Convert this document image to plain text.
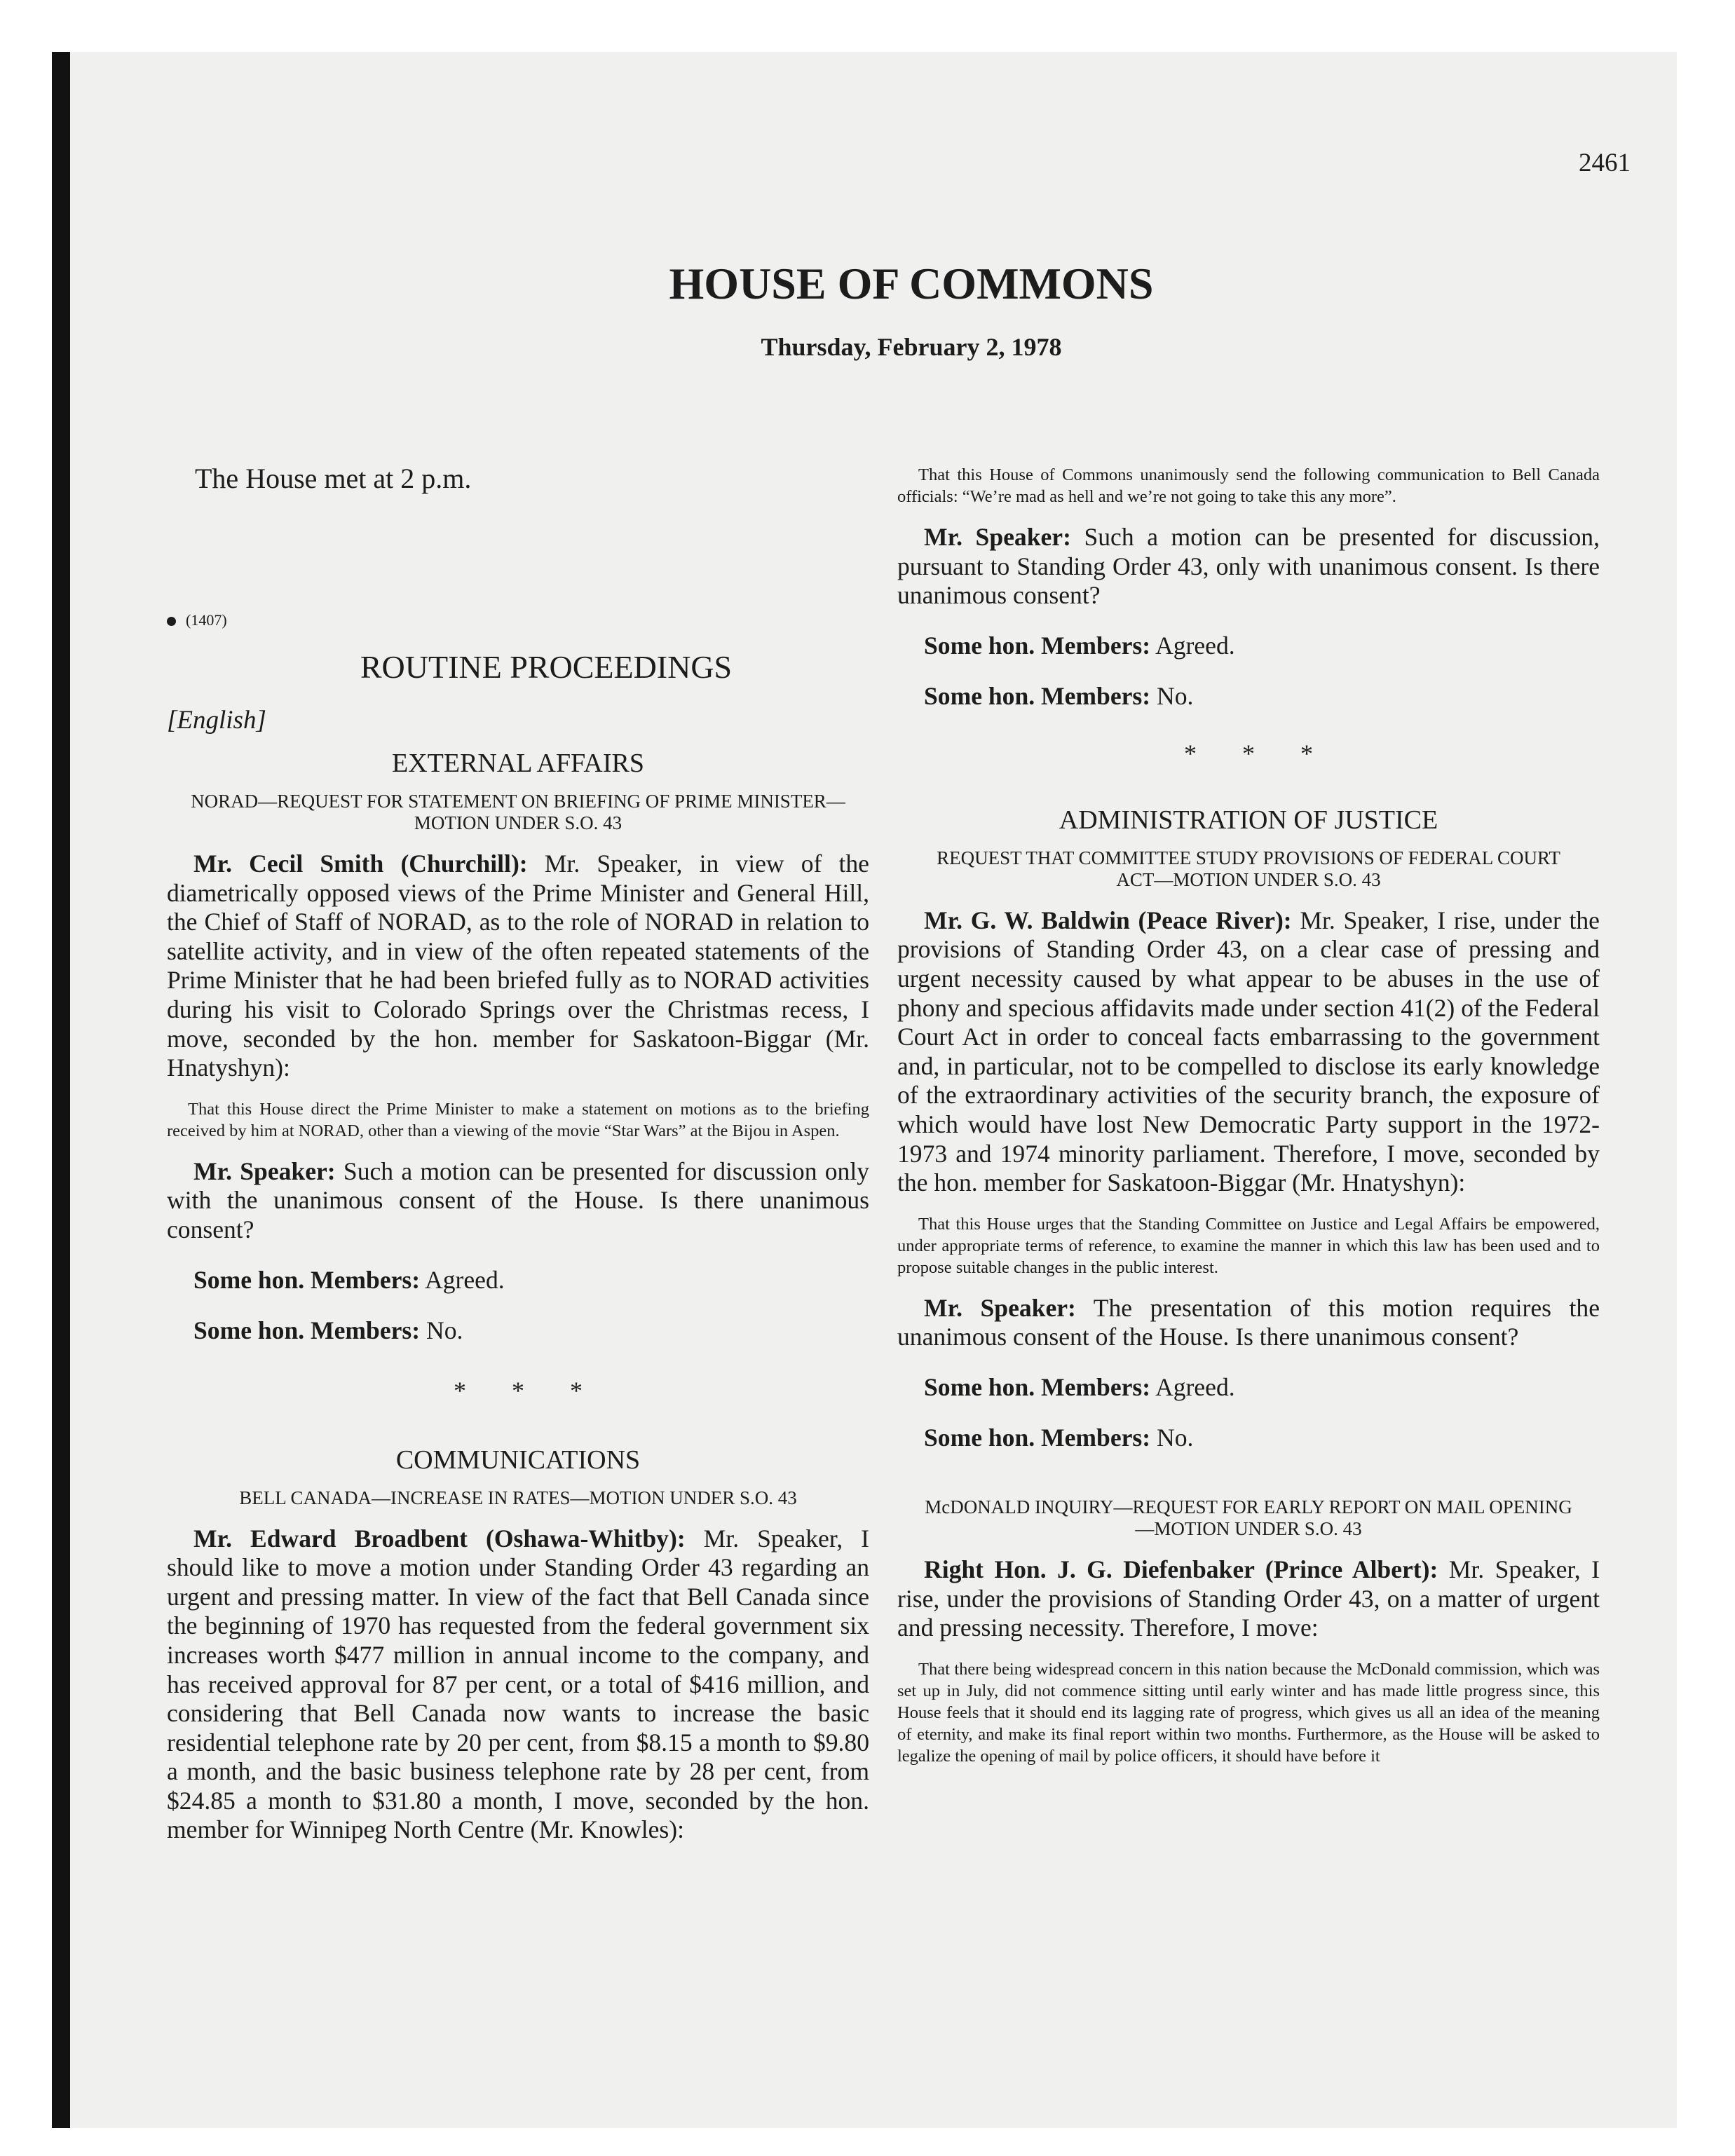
2461
HOUSE OF COMMONS
Thursday, February 2, 1978

The House met at 2 p.m.

(1407)

ROUTINE PROCEEDINGS
[English]
EXTERNAL AFFAIRS
NORAD—REQUEST FOR STATEMENT ON BRIEFING OF PRIME MINISTER—MOTION UNDER S.O. 43

Mr. Cecil Smith (Churchill): Mr. Speaker, in view of the diametrically opposed views of the Prime Minister and General Hill, the Chief of Staff of NORAD, as to the role of NORAD in relation to satellite activity, and in view of the often repeated statements of the Prime Minister that he had been briefed fully as to NORAD activities during his visit to Colorado Springs over the Christmas recess, I move, seconded by the hon. member for Saskatoon-Biggar (Mr. Hnatyshyn):

That this House direct the Prime Minister to make a statement on motions as to the briefing received by him at NORAD, other than a viewing of the movie “Star Wars” at the Bijou in Aspen.

Mr. Speaker: Such a motion can be presented for discussion only with the unanimous consent of the House. Is there unanimous consent?

Some hon. Members: Agreed.

Some hon. Members: No.

* * *
COMMUNICATIONS
BELL CANADA—INCREASE IN RATES—MOTION UNDER S.O. 43

Mr. Edward Broadbent (Oshawa-Whitby): Mr. Speaker, I should like to move a motion under Standing Order 43 regarding an urgent and pressing matter. In view of the fact that Bell Canada since the beginning of 1970 has requested from the federal government six increases worth $477 million in annual income to the company, and has received approval for 87 per cent, or a total of $416 million, and considering that Bell Canada now wants to increase the basic residential telephone rate by 20 per cent, from $8.15 a month to $9.80 a month, and the basic business telephone rate by 28 per cent, from $24.85 a month to $31.80 a month, I move, seconded by the hon. member for Winnipeg North Centre (Mr. Knowles):

That this House of Commons unanimously send the following communication to Bell Canada officials: “We’re mad as hell and we’re not going to take this any more”.

Mr. Speaker: Such a motion can be presented for discussion, pursuant to Standing Order 43, only with unanimous consent. Is there unanimous consent?

Some hon. Members: Agreed.

Some hon. Members: No.

* * *
ADMINISTRATION OF JUSTICE
REQUEST THAT COMMITTEE STUDY PROVISIONS OF FEDERAL COURT ACT—MOTION UNDER S.O. 43

Mr. G. W. Baldwin (Peace River): Mr. Speaker, I rise, under the provisions of Standing Order 43, on a clear case of pressing and urgent necessity caused by what appear to be abuses in the use of phony and specious affidavits made under section 41(2) of the Federal Court Act in order to conceal facts embarrassing to the government and, in particular, not to be compelled to disclose its early knowledge of the extraordinary activities of the security branch, the exposure of which would have lost New Democratic Party support in the 1972-1973 and 1974 minority parliament. Therefore, I move, seconded by the hon. member for Saskatoon-Biggar (Mr. Hnatyshyn):

That this House urges that the Standing Committee on Justice and Legal Affairs be empowered, under appropriate terms of reference, to examine the manner in which this law has been used and to propose suitable changes in the public interest.

Mr. Speaker: The presentation of this motion requires the unanimous consent of the House. Is there unanimous consent?

Some hon. Members: Agreed.

Some hon. Members: No.

McDONALD INQUIRY—REQUEST FOR EARLY REPORT ON MAIL OPENING—MOTION UNDER S.O. 43

Right Hon. J. G. Diefenbaker (Prince Albert): Mr. Speaker, I rise, under the provisions of Standing Order 43, on a matter of urgent and pressing necessity. Therefore, I move:

That there being widespread concern in this nation because the McDonald commission, which was set up in July, did not commence sitting until early winter and has made little progress since, this House feels that it should end its lagging rate of progress, which gives us all an idea of the meaning of eternity, and make its final report within two months. Furthermore, as the House will be asked to legalize the opening of mail by police officers, it should have before it
